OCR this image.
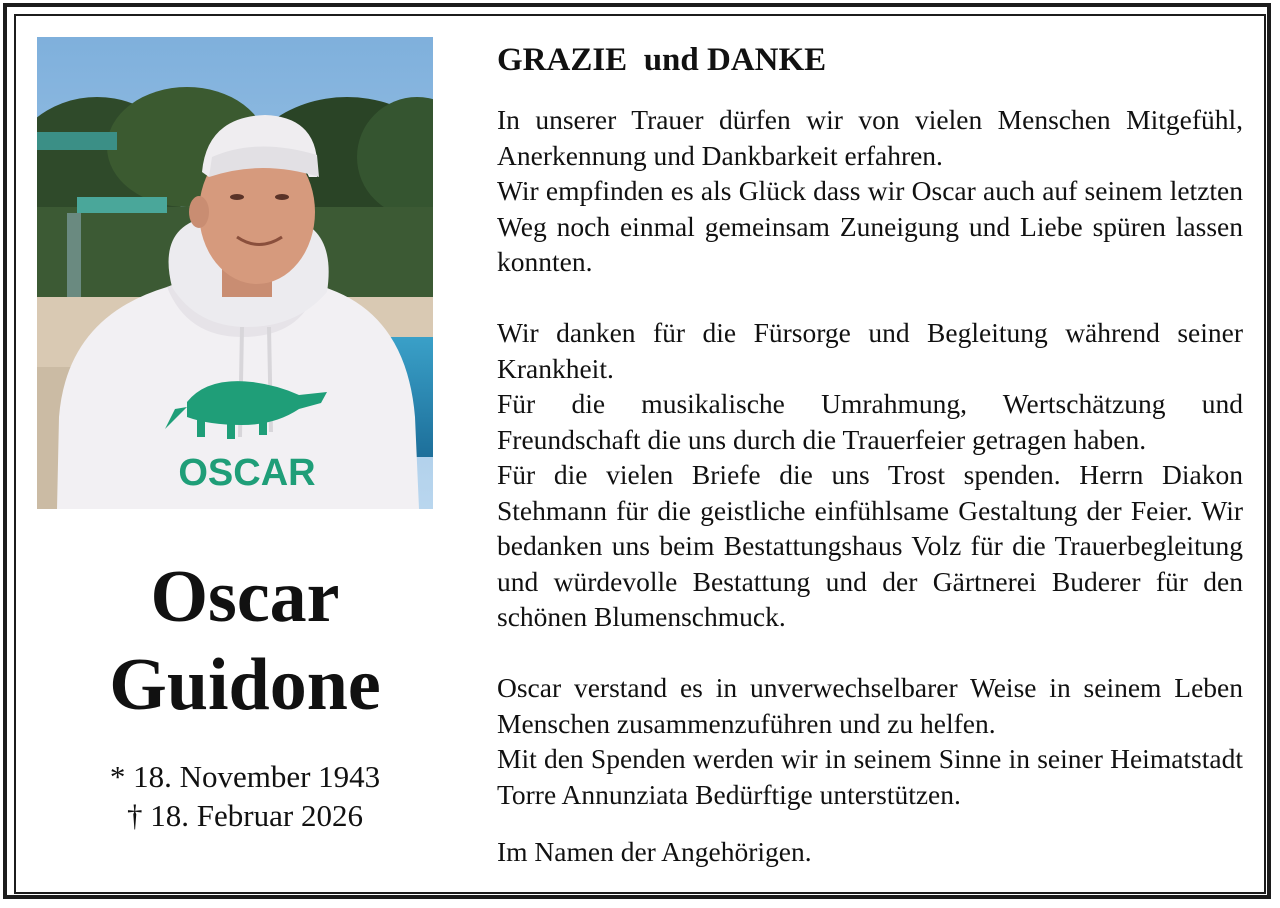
OSCAR
Oscar
Guidone
* 18. November 1943
† 18. Februar 2026
GRAZIE  und DANKE

In unserer Trauer dürfen wir von vielen Menschen Mitgefühl, Anerkennung und Dankbarkeit erfahren.

Wir empfinden es als Glück dass wir Oscar auch auf seinem letzten Weg noch einmal gemeinsam Zuneigung und Liebe spüren lassen konnten.

Wir danken für die Fürsorge und Begleitung während seiner Krankheit.

Für die musikalische Umrahmung, Wertschätzung und Freundschaft die uns durch die Trauerfeier getragen haben.

Für die vielen Briefe die uns Trost spenden. Herrn Diakon Stehmann für die geistliche einfühlsame Gestaltung der Feier. Wir bedanken uns beim Bestattungshaus Volz für die Trauerbegleitung und würdevolle Bestattung und der Gärtnerei Buderer für den schönen Blumenschmuck.

Oscar verstand es in unverwechselbarer Weise in seinem Leben Menschen zusammenzuführen und zu helfen.

Mit den Spenden werden wir in seinem Sinne in seiner Heimatstadt Torre Annunziata Bedürftige unterstützen.

Im Namen der Angehörigen.
